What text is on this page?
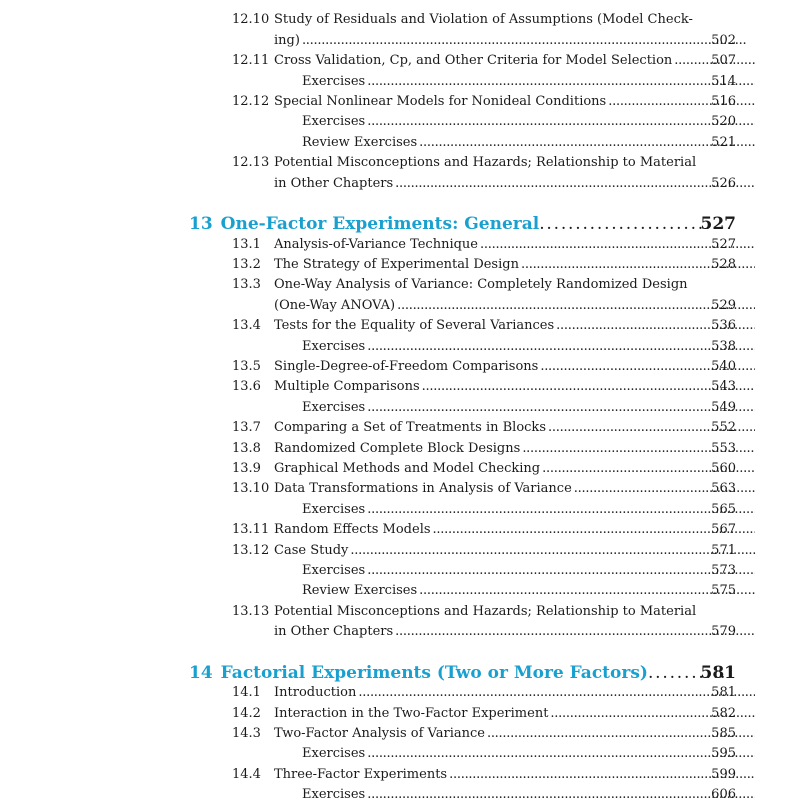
12.10 Study of Residuals and Violation of Assumptions (Model Check-
ing) . . .	502
12.11 Cross Validation, Cp, and Other Criteria for Model Selection . . .	507
Exercises . . .	514
12.12 Special Nonlinear Models for Nonideal Conditions . . .	516
Exercises . . .	520
Review Exercises . . .	521
12.13 Potential Misconceptions and Hazards; Relationship to Material
in Other Chapters . . .	526
13 One-Factor Experiments: General . . .	527
13.1 Analysis-of-Variance Technique . . .	527
13.2 The Strategy of Experimental Design . . .	528
13.3 One-Way Analysis of Variance: Completely Randomized Design
(One-Way ANOVA) . . .	529
13.4 Tests for the Equality of Several Variances . . .	536
Exercises . . .	538
13.5 Single-Degree-of-Freedom Comparisons . . .	540
13.6 Multiple Comparisons . . .	543
Exercises . . .	549
13.7 Comparing a Set of Treatments in Blocks . . .	552
13.8 Randomized Complete Block Designs . . .	553
13.9 Graphical Methods and Model Checking . . .	560
13.10 Data Transformations in Analysis of Variance . . .	563
Exercises . . .	565
13.11 Random Effects Models . . .	567
13.12 Case Study . . .	571
Exercises . . .	573
Review Exercises . . .	575
13.13 Potential Misconceptions and Hazards; Relationship to Material
in Other Chapters . . .	579
14 Factorial Experiments (Two or More Factors) . . .	581
14.1 Introduction . . .	581
14.2 Interaction in the Two-Factor Experiment . . .	582
14.3 Two-Factor Analysis of Variance . . .	585
Exercises . . .	595
14.4 Three-Factor Experiments . . .	599
Exercises . . .	606
